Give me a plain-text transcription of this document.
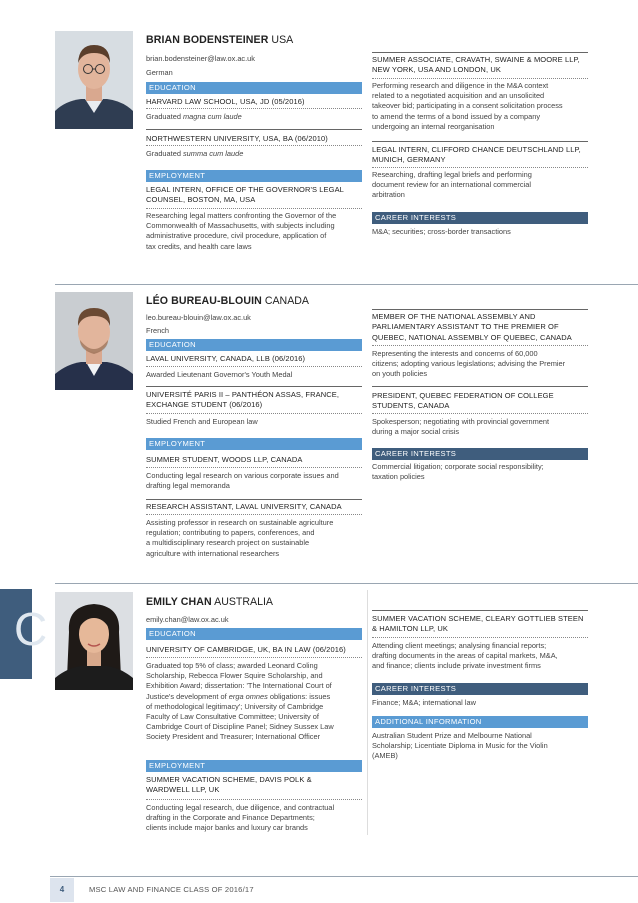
BRIAN BODENSTEINER USA
brian.bodensteiner@law.ox.ac.uk
German
EDUCATION
HARVARD LAW SCHOOL, USA, JD (05/2016)
Graduated magna cum laude
NORTHWESTERN UNIVERSITY, USA, BA (06/2010)
Graduated summa cum laude
EMPLOYMENT
LEGAL INTERN, OFFICE OF THE GOVERNOR'S LEGAL
COUNSEL, BOSTON, MA, USA
Researching legal matters confronting the Governor of the
Commonwealth of Massachusetts, with subjects including
administrative procedure, civil procedure, application of
tax credits, and health care laws
SUMMER ASSOCIATE, CRAVATH, SWAINE & MOORE LLP,
NEW YORK, USA AND LONDON, UK
Performing research and diligence in the M&A context
related to a negotiated acquisition and an unsolicited
takeover bid; participating in a consent solicitation process
to amend the terms of a bond issued by a company
undergoing an internal reorganisation
LEGAL INTERN, CLIFFORD CHANCE DEUTSCHLAND LLP,
MUNICH, GERMANY
Researching, drafting legal briefs and performing
document review for an international commercial
arbitration
CAREER INTERESTS
M&A; securities; cross-border transactions
LÉO BUREAU-BLOUIN CANADA
leo.bureau-blouin@law.ox.ac.uk
French
EDUCATION
LAVAL UNIVERSITY, CANADA, LLB (06/2016)
Awarded Lieutenant Governor's Youth Medal
UNIVERSITÉ PARIS II – PANTHÉON ASSAS, FRANCE,
EXCHANGE STUDENT (06/2016)
Studied French and European law
EMPLOYMENT
SUMMER STUDENT, WOODS LLP, CANADA
Conducting legal research on various corporate issues and
drafting legal memoranda
RESEARCH ASSISTANT, LAVAL UNIVERSITY, CANADA
Assisting professor in research on sustainable agriculture
regulation; contributing to papers, conferences, and
a multidisciplinary research project on sustainable
agriculture with international researchers
MEMBER OF THE NATIONAL ASSEMBLY AND
PARLIAMENTARY ASSISTANT TO THE PREMIER OF
QUEBEC, NATIONAL ASSEMBLY OF QUEBEC, CANADA
Representing the interests and concerns of 60,000
citizens; adopting various legislations; advising the Premier
on youth policies
PRESIDENT, QUEBEC FEDERATION OF COLLEGE
STUDENTS, CANADA
Spokesperson; negotiating with provincial government
during a major social crisis
CAREER INTERESTS
Commercial litigation; corporate social responsibility;
taxation policies
C
EMILY CHAN AUSTRALIA
emily.chan@law.ox.ac.uk
EDUCATION
UNIVERSITY OF CAMBRIDGE, UK, BA IN LAW (06/2016)
Graduated top 5% of class; awarded Leonard Coling
Scholarship, Rebecca Flower Squire Scholarship, and
Exhibition Award; dissertation: 'The International Court of
Justice's development of erga omnes obligations: issues
of methodological legitimacy'; University of Cambridge
Faculty of Law Consultative Committee; University of
Cambridge Court of Discipline Panel; Sidney Sussex Law
Society President and Treasurer; International Officer
EMPLOYMENT
SUMMER VACATION SCHEME, DAVIS POLK &
WARDWELL LLP, UK
Conducting legal research, due diligence, and contractual
drafting in the Corporate and Finance Departments;
clients include major banks and luxury car brands
SUMMER VACATION SCHEME, CLEARY GOTTLIEB STEEN
& HAMILTON LLP, UK
Attending client meetings; analysing financial reports;
drafting documents in the areas of capital markets, M&A,
and finance; clients include private investment firms
CAREER INTERESTS
Finance; M&A; international law
ADDITIONAL INFORMATION
Australian Student Prize and Melbourne National
Scholarship; Licentiate Diploma in Music for the Violin
(AMEB)
4	MSC LAW AND FINANCE CLASS OF 2016/17
